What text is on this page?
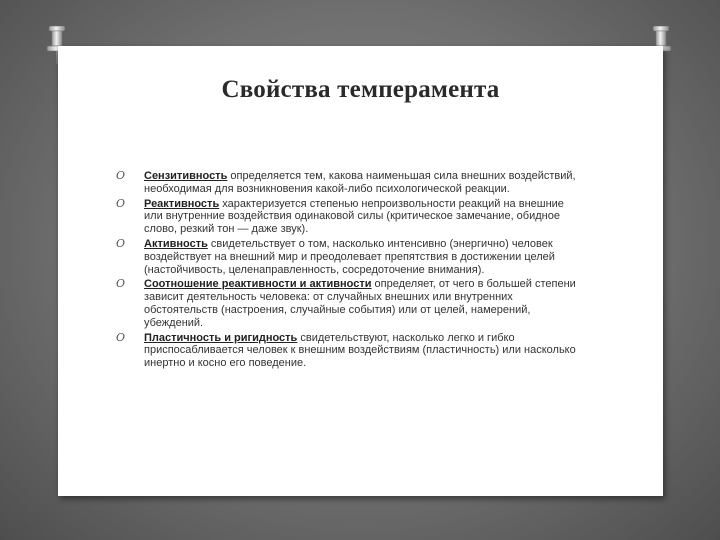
Свойства темперамента
O Сензитивность определяется тем, какова наименьшая сила внешних воздействий, необходимая для возникновения какой-либо психологической реакции.
O Реактивность характеризуется степенью непроизвольности реакций на внешние или внутренние воздействия одинаковой силы (критическое замечание, обидное слово, резкий тон — даже звук).
O Активность свидетельствует о том, насколько интенсивно (энергично) человек воздействует на внешний мир и преодолевает препятствия в достижении целей (настойчивость, целенаправленность, сосредоточение внимания).
O Соотношение реактивности и активности определяет, от чего в большей степени зависит деятельность человека: от случайных внешних или внутренних обстоятельств (настроения, случайные события) или от целей, намерений, убеждений.
O Пластичность и ригидность свидетельствуют, насколько легко и гибко приспосабливается человек к внешним воздействиям (пластичность) или насколько инертно и косно его поведение.
